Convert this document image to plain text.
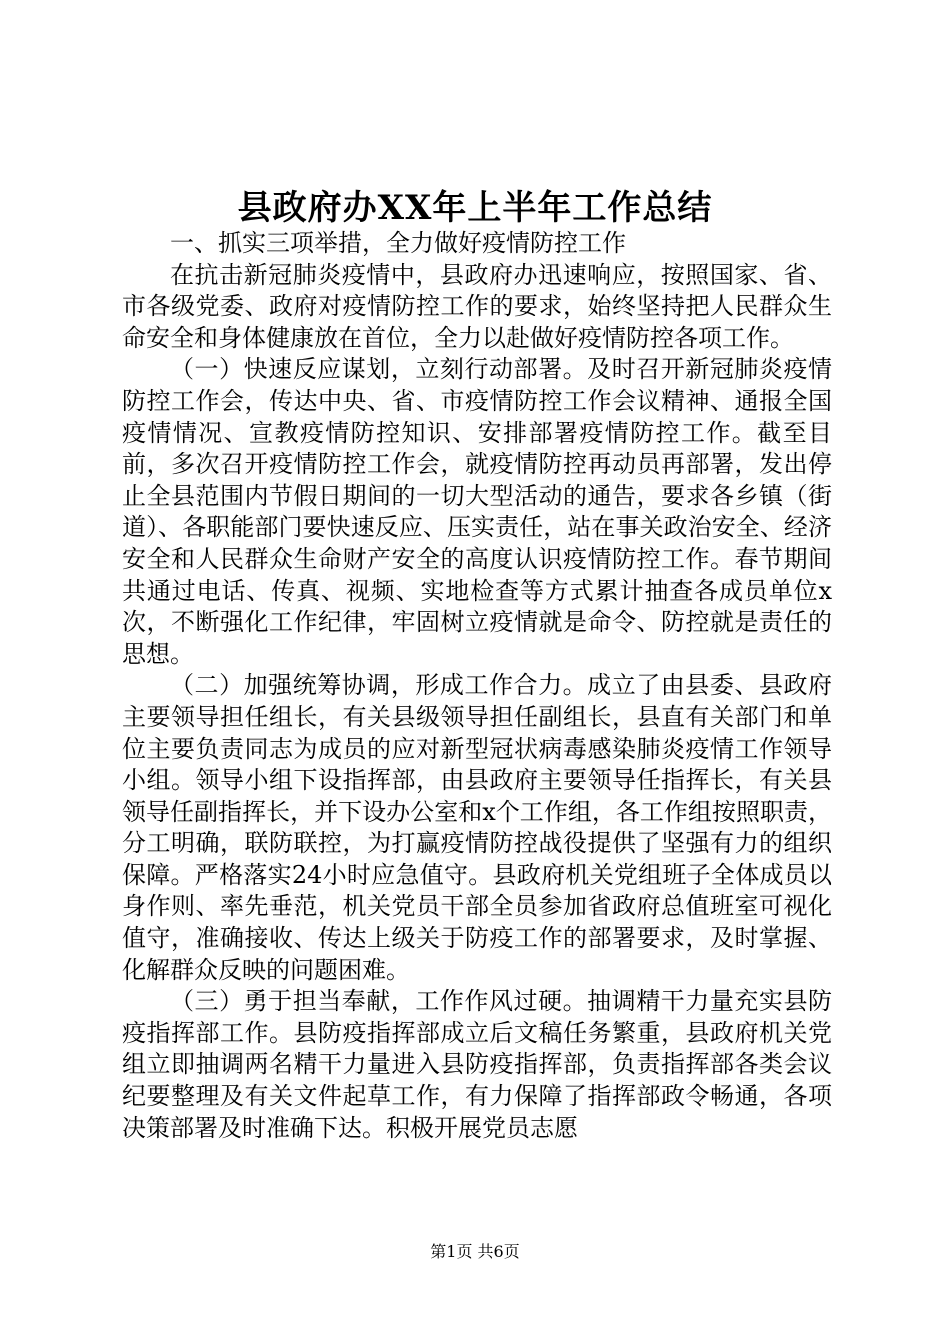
县政府办XX年上半年工作总结

一、抓实三项举措，全力做好疫情防控工作

在抗击新冠肺炎疫情中，县政府办迅速响应，按照国家、省、市各级党委、政府对疫情防控工作的要求，始终坚持把人民群众生命安全和身体健康放在首位，全力以赴做好疫情防控各项工作。

（一）快速反应谋划，立刻行动部署。及时召开新冠肺炎疫情防控工作会，传达中央、省、市疫情防控工作会议精神、通报全国疫情情况、宣教疫情防控知识、安排部署疫情防控工作。截至目前，多次召开疫情防控工作会，就疫情防控再动员再部署，发出停止全县范围内节假日期间的一切大型活动的通告，要求各乡镇（街道）、各职能部门要快速反应、压实责任，站在事关政治安全、经济安全和人民群众生命财产安全的高度认识疫情防控工作。春节期间共通过电话、传真、视频、实地检查等方式累计抽查各成员单位x次，不断强化工作纪律，牢固树立疫情就是命令、防控就是责任的思想。

（二）加强统筹协调，形成工作合力。成立了由县委、县政府主要领导担任组长，有关县级领导担任副组长，县直有关部门和单位主要负责同志为成员的应对新型冠状病毒感染肺炎疫情工作领导小组。领导小组下设指挥部，由县政府主要领导任指挥长，有关县领导任副指挥长，并下设办公室和x个工作组，各工作组按照职责，分工明确，联防联控，为打赢疫情防控战役提供了坚强有力的组织保障。严格落实24小时应急值守。县政府机关党组班子全体成员以身作则、率先垂范，机关党员干部全员参加省政府总值班室可视化值守，准确接收、传达上级关于防疫工作的部署要求，及时掌握、化解群众反映的问题困难。

（三）勇于担当奉献，工作作风过硬。抽调精干力量充实县防疫指挥部工作。县防疫指挥部成立后文稿任务繁重，县政府机关党组立即抽调两名精干力量进入县防疫指挥部，负责指挥部各类会议纪要整理及有关文件起草工作，有力保障了指挥部政令畅通，各项决策部署及时准确下达。积极开展党员志愿

第1页 共6页
